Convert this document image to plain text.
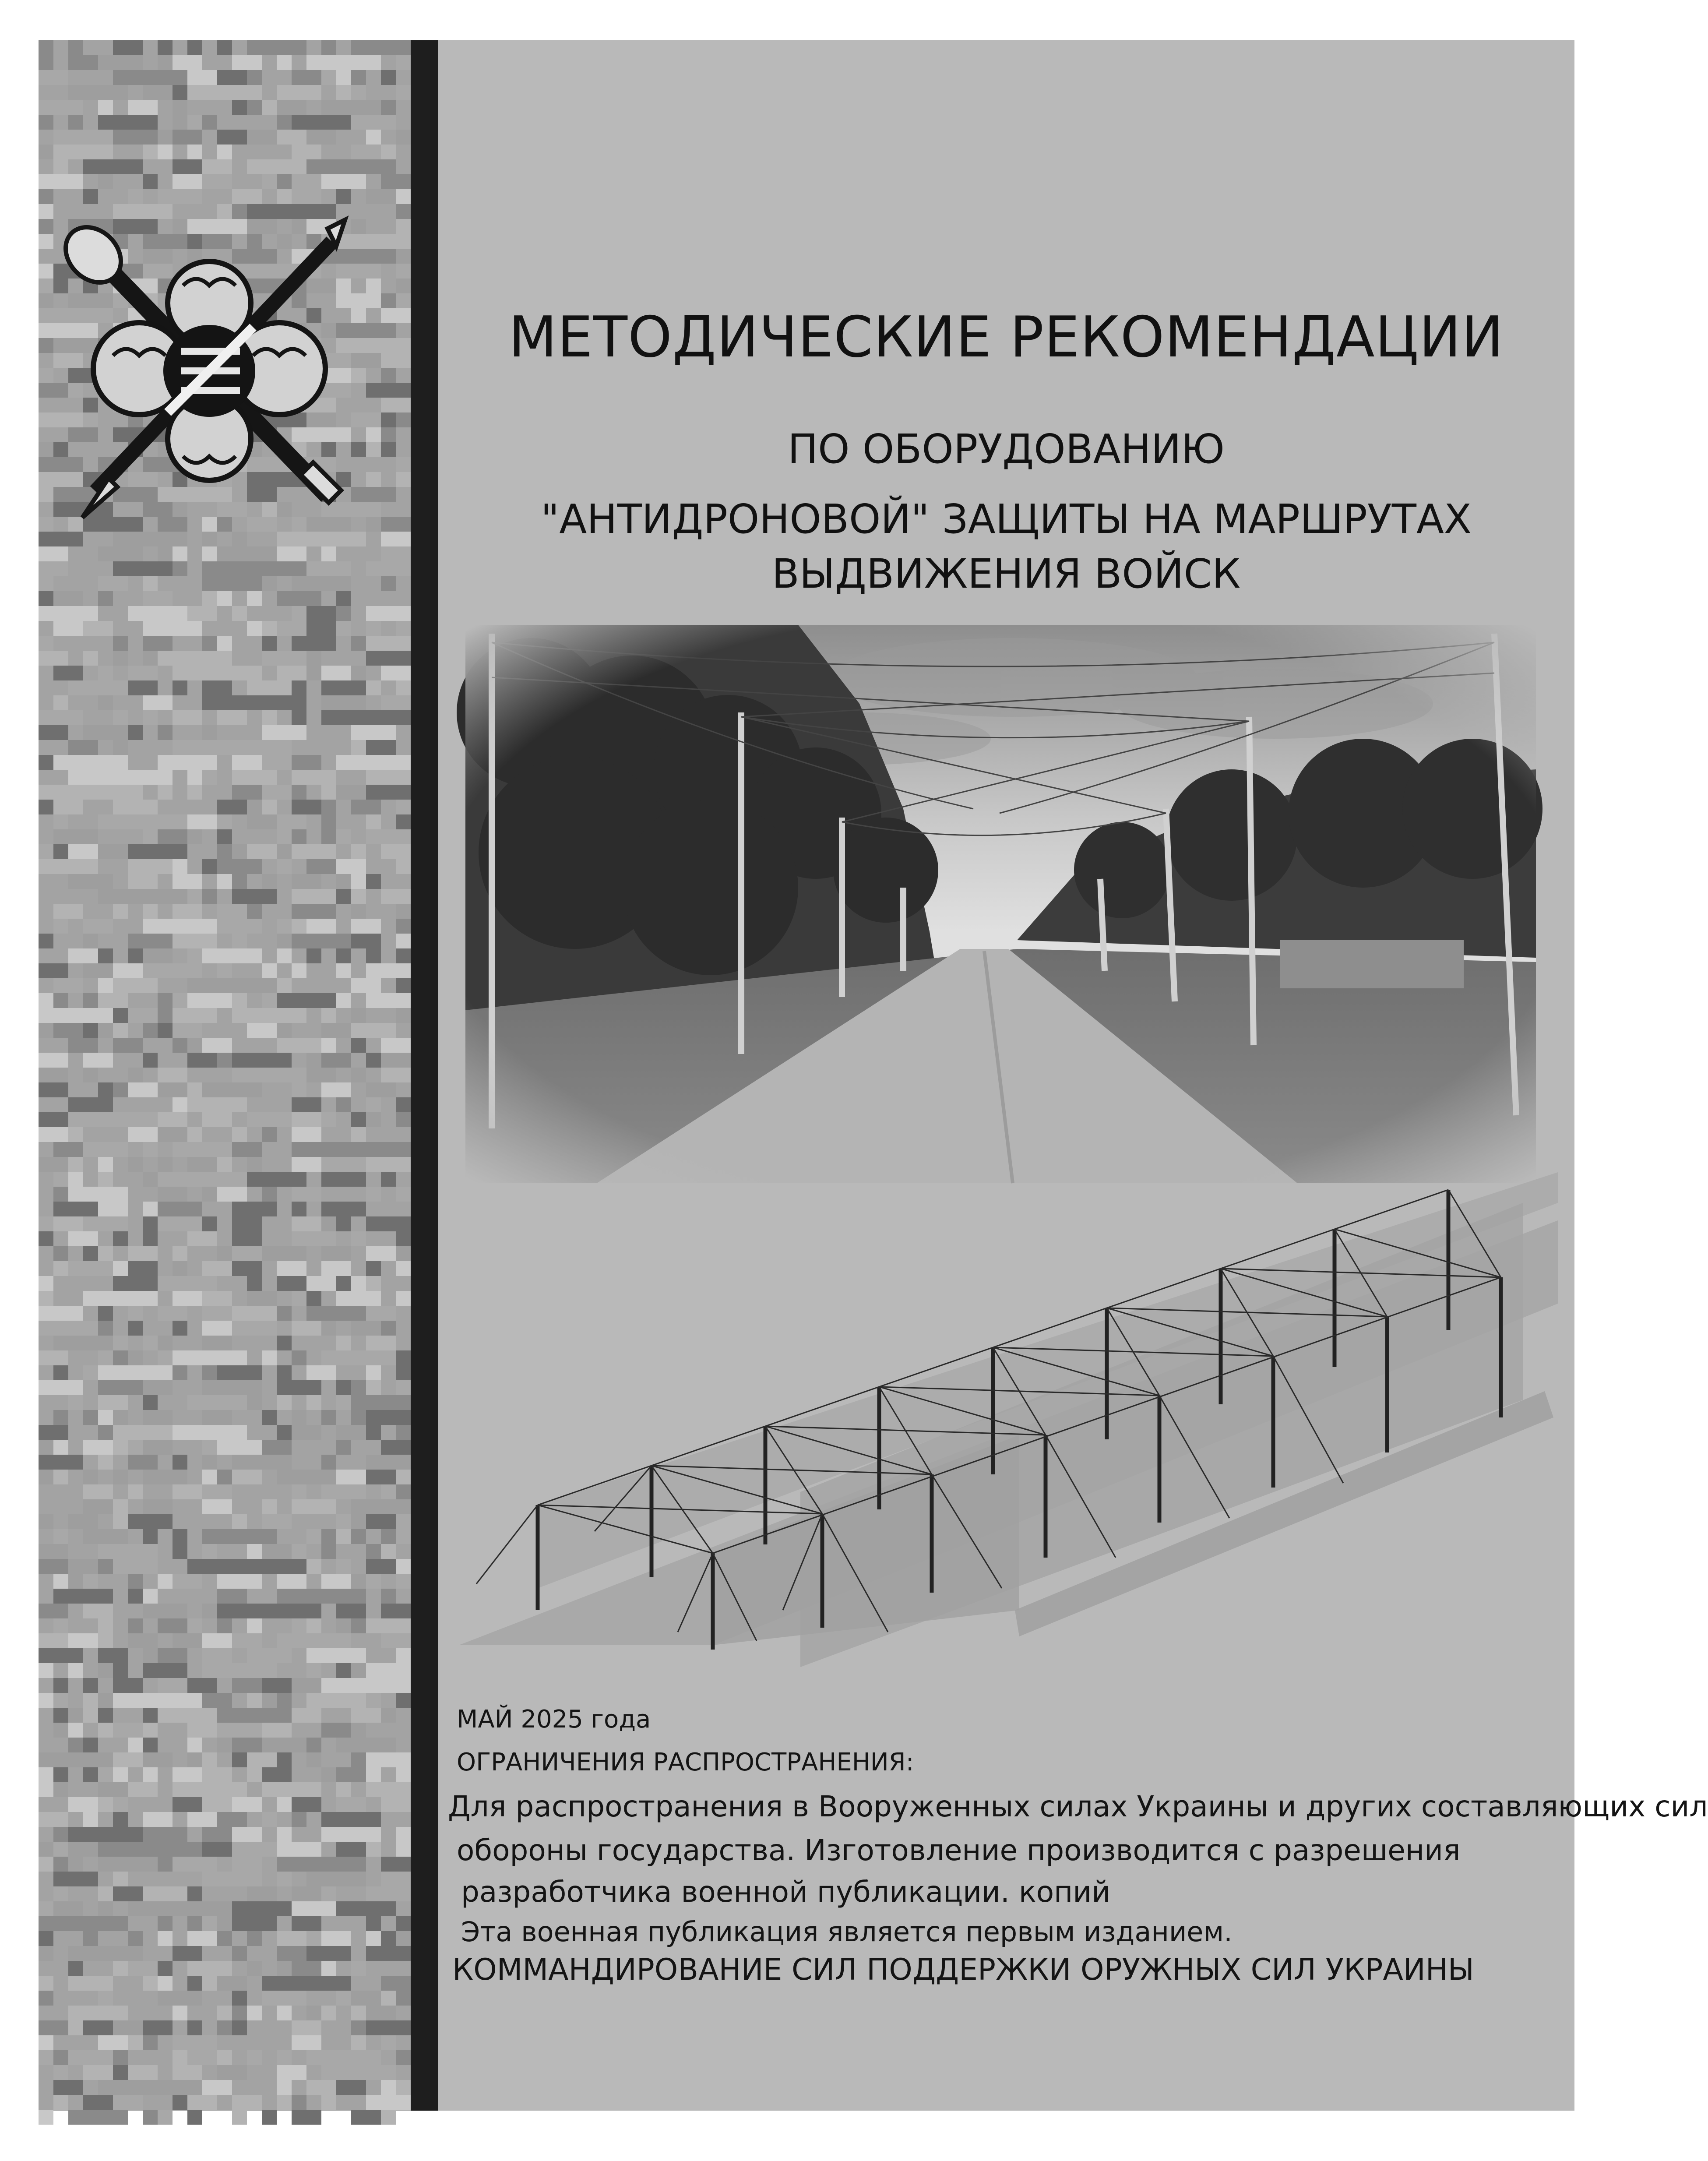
МЕТОДИЧЕСКИЕ РЕКОМЕНДАЦИИ
ПО ОБОРУДОВАНИЮ
"АНТИДРОНОВОЙ" ЗАЩИТЫ НА МАРШРУТАХ
ВЫДВИЖЕНИЯ ВОЙСК

МАЙ 2025 года

ОГРАНИЧЕНИЯ РАСПРОСТРАНЕНИЯ:

Для распространения в Вооруженных силах Украины и других составляющих сил

обороны государства. Изготовление производится с разрешения

разработчика военной публикации. копий

Эта военная публикация является первым изданием.

КОММАНДИРОВАНИЕ СИЛ ПОДДЕРЖКИ ОРУЖНЫХ СИЛ УКРАИНЫ
